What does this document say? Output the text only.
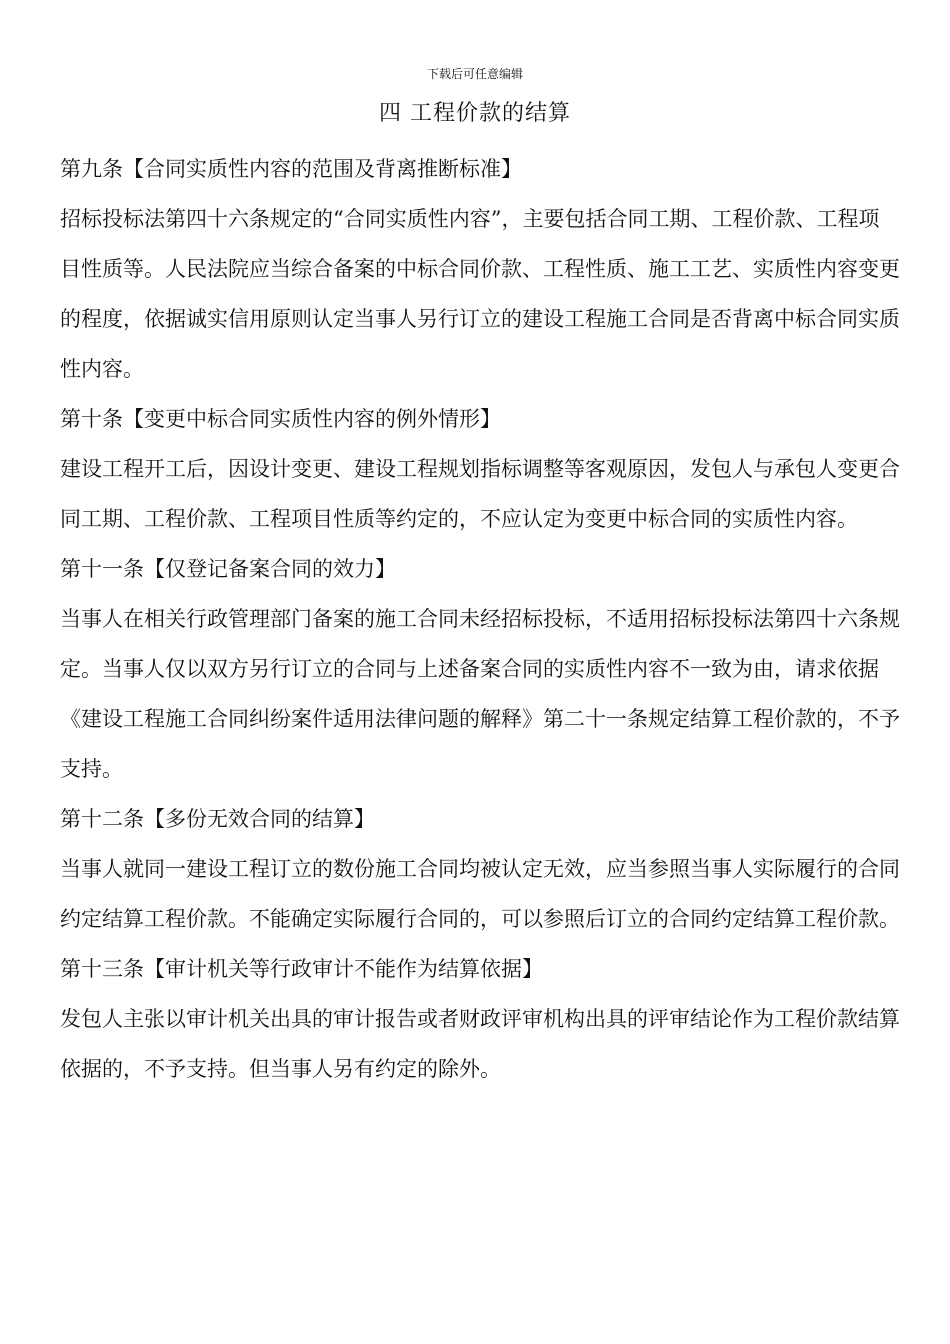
下载后可任意编辑
四 工程价款的结算

第九条【合同实质性内容的范围及背离推断标准】

招标投标法第四十六条规定的“合同实质性内容”，主要包括合同工期、工程价款、工程项目性质等。人民法院应当综合备案的中标合同价款、工程性质、施工工艺、实质性内容变更的程度，依据诚实信用原则认定当事人另行订立的建设工程施工合同是否背离中标合同实质性内容。

第十条【变更中标合同实质性内容的例外情形】

建设工程开工后，因设计变更、建设工程规划指标调整等客观原因，发包人与承包人变更合同工期、工程价款、工程项目性质等约定的，不应认定为变更中标合同的实质性内容。

第十一条【仅登记备案合同的效力】

当事人在相关行政管理部门备案的施工合同未经招标投标，不适用招标投标法第四十六条规定。当事人仅以双方另行订立的合同与上述备案合同的实质性内容不一致为由，请求依据《建设工程施工合同纠纷案件适用法律问题的解释》第二十一条规定结算工程价款的，不予支持。

第十二条【多份无效合同的结算】

当事人就同一建设工程订立的数份施工合同均被认定无效，应当参照当事人实际履行的合同约定结算工程价款。不能确定实际履行合同的，可以参照后订立的合同约定结算工程价款。

第十三条【审计机关等行政审计不能作为结算依据】

发包人主张以审计机关出具的审计报告或者财政评审机构出具的评审结论作为工程价款结算依据的，不予支持。但当事人另有约定的除外。
